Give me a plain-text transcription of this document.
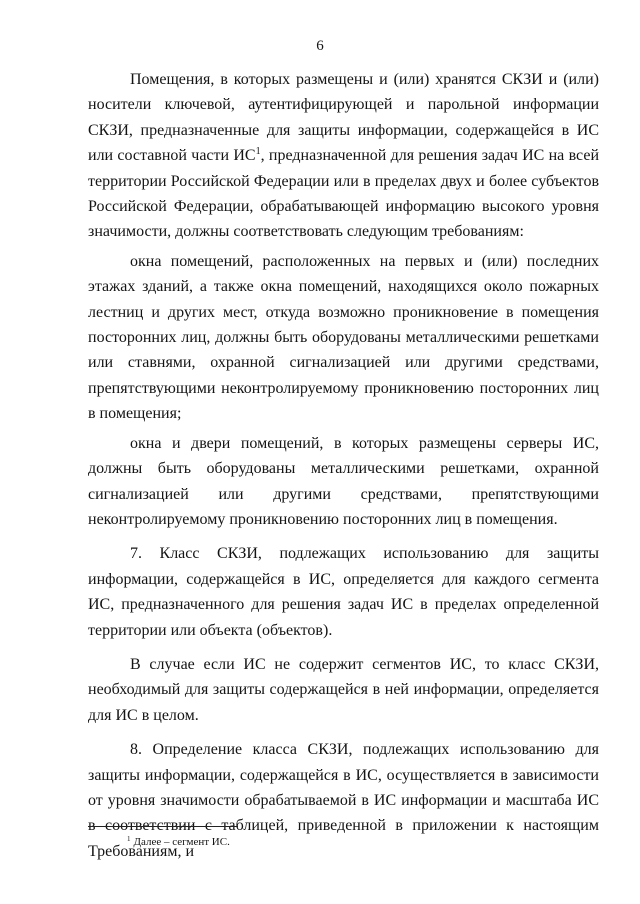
6

Помещения, в которых размещены и (или) хранятся СКЗИ и (или) носители ключевой, аутентифицирующей и парольной информации СКЗИ, предназначенные для защиты информации, содержащейся в ИС или составной части $ИС^1$, предназначенной для решения задач ИС на всей территории Российской Федерации или в пределах двух и более субъектов Российской Федерации, обрабатывающей информацию высокого уровня значимости, должны соответствовать следующим требованиям:

окна помещений, расположенных на первых и (или) последних этажах зданий, а также окна помещений, находящихся около пожарных лестниц и других мест, откуда возможно проникновение в помещения посторонних лиц, должны быть оборудованы металлическими решетками или ставнями, охранной сигнализацией или другими средствами, препятствующими неконтролируемому проникновению посторонних лиц в помещения;

окна и двери помещений, в которых размещены серверы ИС, должны быть оборудованы металлическими решетками, охранной сигнализацией или другими средствами, препятствующими неконтролируемому проникновению посторонних лиц в помещения.

7. Класс СКЗИ, подлежащих использованию для защиты информации, содержащейся в ИС, определяется для каждого сегмента ИС, предназначенного для решения задач ИС в пределах определенной территории или объекта (объектов).

В случае если ИС не содержит сегментов ИС, то класс СКЗИ, необходимый для защиты содержащейся в ней информации, определяется для ИС в целом.

8. Определение класса СКЗИ, подлежащих использованию для защиты информации, содержащейся в ИС, осуществляется в зависимости от уровня значимости обрабатываемой в ИС информации и масштаба ИС в соответствии с таблицей, приведенной в приложении к настоящим Требованиям, и

$^1$ Далее – сегмент ИС.
